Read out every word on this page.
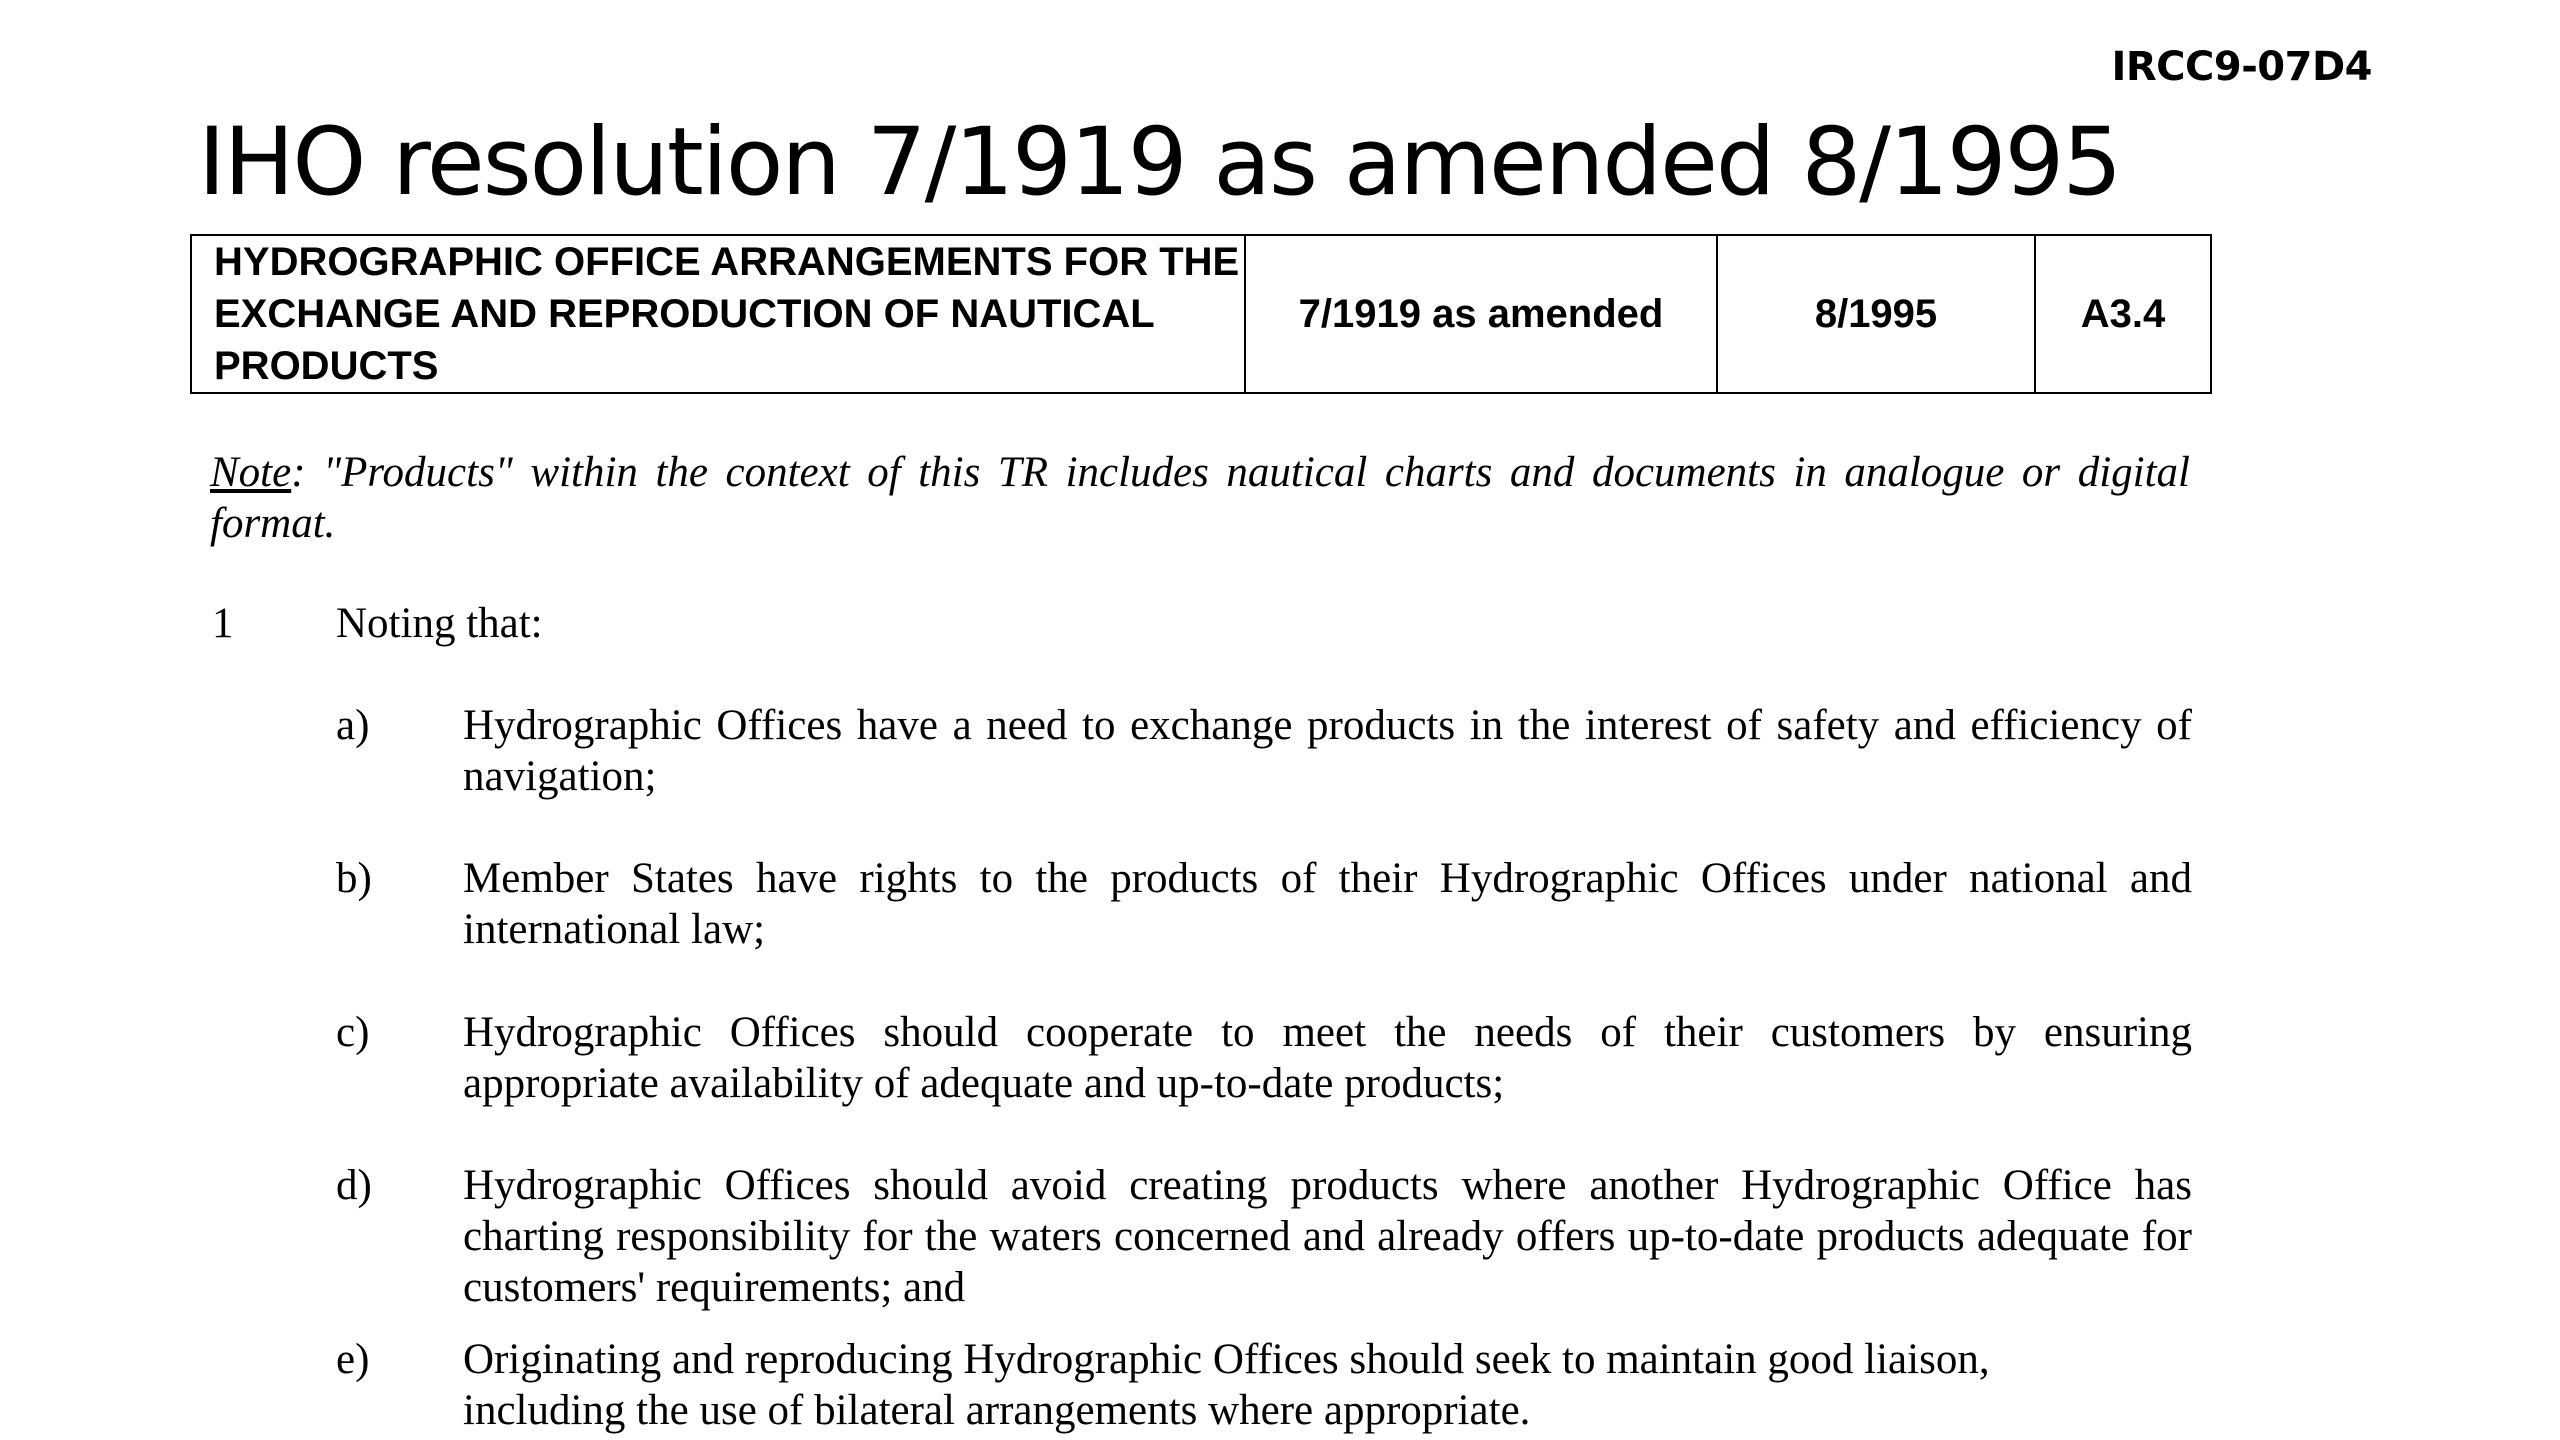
IRCC9-07D4
IHO resolution 7/1919 as amended 8/1995
HYDROGRAPHIC OFFICE ARRANGEMENTS FOR THE
EXCHANGE AND REPRODUCTION OF NAUTICAL
PRODUCTS
	7/1919 as amended	8/1995	A3.4
Note: "Products" within the context of this TR includes nautical charts and documents in analogue or digital format.
1 Noting that:
a) Hydrographic Offices have a need to exchange products in the interest of safety and efficiency of navigation;
b) Member States have rights to the products of their Hydrographic Offices under national and international law;
c) Hydrographic Offices should cooperate to meet the needs of their customers by ensuring appropriate availability of adequate and up-to-date products;
d) Hydrographic Offices should avoid creating products where another Hydrographic Office has charting responsibility for the waters concerned and already offers up-to-date products adequate for customers' requirements; and
e) Originating and reproducing Hydrographic Offices should seek to maintain good liaison, including the use of bilateral arrangements where appropriate.
